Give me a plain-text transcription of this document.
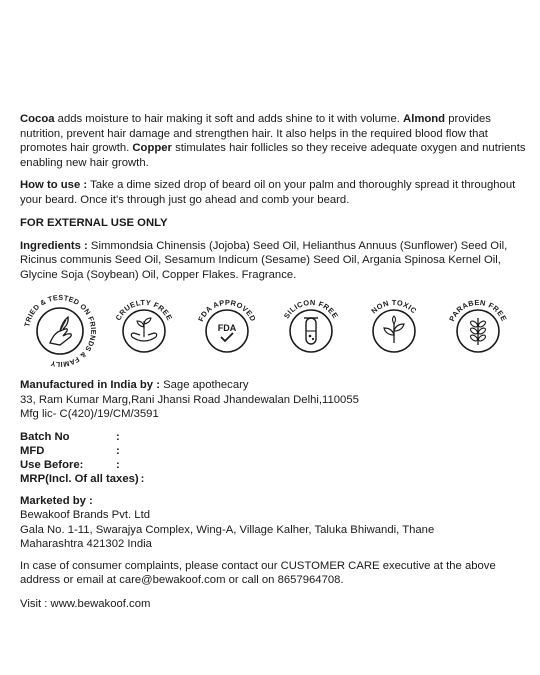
Cocoa adds moisture to hair making it soft and adds shine to it with volume. Almond provides nutrition, prevent hair damage and strengthen hair. It also helps in the required blood flow that promotes hair growth. Copper stimulates hair follicles so they receive adequate oxygen and nutrients enabling new hair growth.

How to use : Take a dime sized drop of beard oil on your palm and thoroughly spread it throughout your beard. Once it's through just go ahead and comb your beard.

FOR EXTERNAL USE ONLY

Ingredients : Simmondsia Chinensis (Jojoba) Seed Oil, Helianthus Annuus (Sunflower) Seed Oil, Ricinus communis Seed Oil, Sesamum Indicum (Sesame) Seed Oil, Argania Spinosa Kernel Oil, Glycine Soja (Soybean) Oil, Copper Flakes. Fragrance.

TRIED & TESTED ON FRIENDS & FAMILY
CRUELTY FREE	FDA APPROVED
FDA
SILICON FREE
NON TOXIC
PARABEN FREE

Manufactured in India by : Sage apothecary

33, Ram Kumar Marg,Rani Jhansi Road Jhandewalan Delhi,110055

Mfg lic- C(420)/19/CM/3591

Batch No	:
MFD	:
Use Before:	:
MRP(Incl. Of all taxes) :

Marketed by :

Bewakoof Brands Pvt. Ltd

Gala No. 1-11, Swarajya Complex, Wing-A, Village Kalher, Taluka Bhiwandi, Thane

Maharashtra 421302 India

In case of consumer complaints, please contact our CUSTOMER CARE executive at the above address or email at care@bewakoof.com or call on 8657964708.

Visit : www.bewakoof.com
